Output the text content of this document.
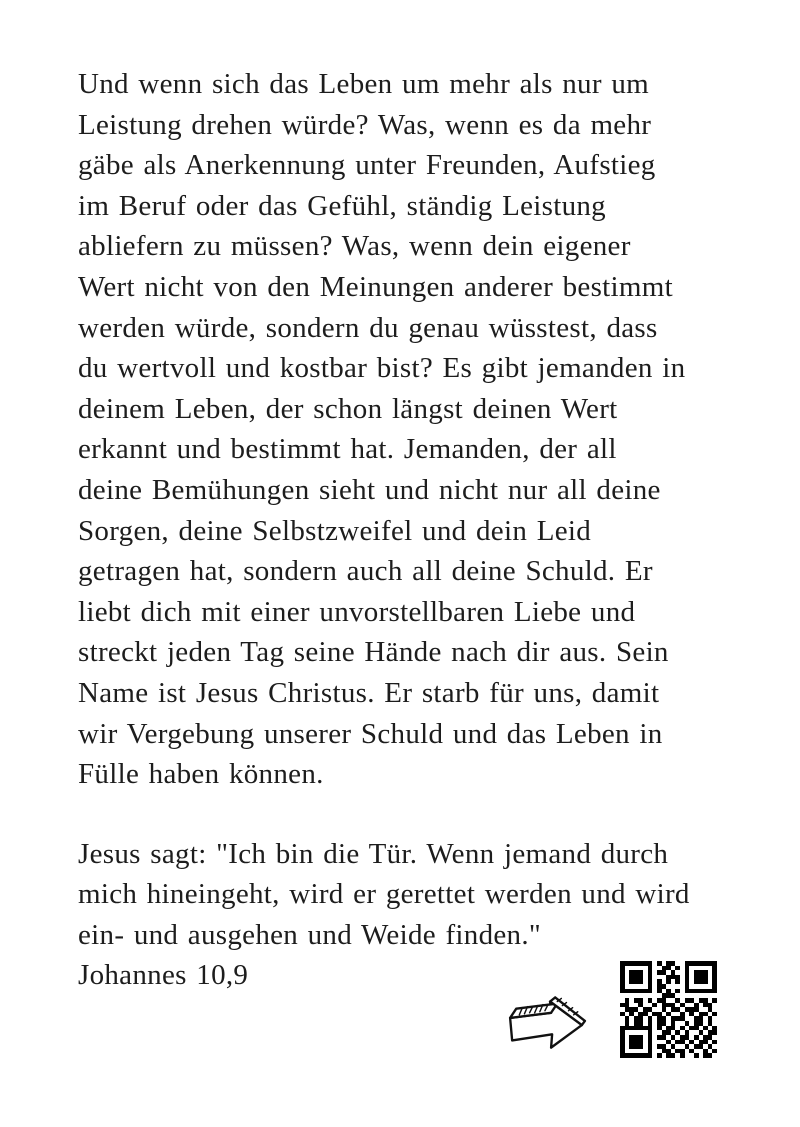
Und wenn sich das Leben um mehr als nur um
Leistung drehen würde? Was, wenn es da mehr
gäbe als Anerkennung unter Freunden, Aufstieg
im Beruf oder das Gefühl, ständig Leistung
abliefern zu müssen? Was, wenn dein eigener
Wert nicht von den Meinungen anderer bestimmt
werden würde, sondern du genau wüsstest, dass
du wertvoll und kostbar bist? Es gibt jemanden in
deinem Leben, der schon längst deinen Wert
erkannt und bestimmt hat. Jemanden, der all
deine Bemühungen sieht und nicht nur all deine
Sorgen, deine Selbstzweifel und dein Leid
getragen hat, sondern auch all deine Schuld. Er
liebt dich mit einer unvorstellbaren Liebe und
streckt jeden Tag seine Hände nach dir aus. Sein
Name ist Jesus Christus. Er starb für uns, damit
wir Vergebung unserer Schuld und das Leben in
Fülle haben können.
Jesus sagt: "Ich bin die Tür. Wenn jemand durch
mich hineingeht, wird er gerettet werden und wird
ein- und ausgehen und Weide finden."
Johannes 10,9
